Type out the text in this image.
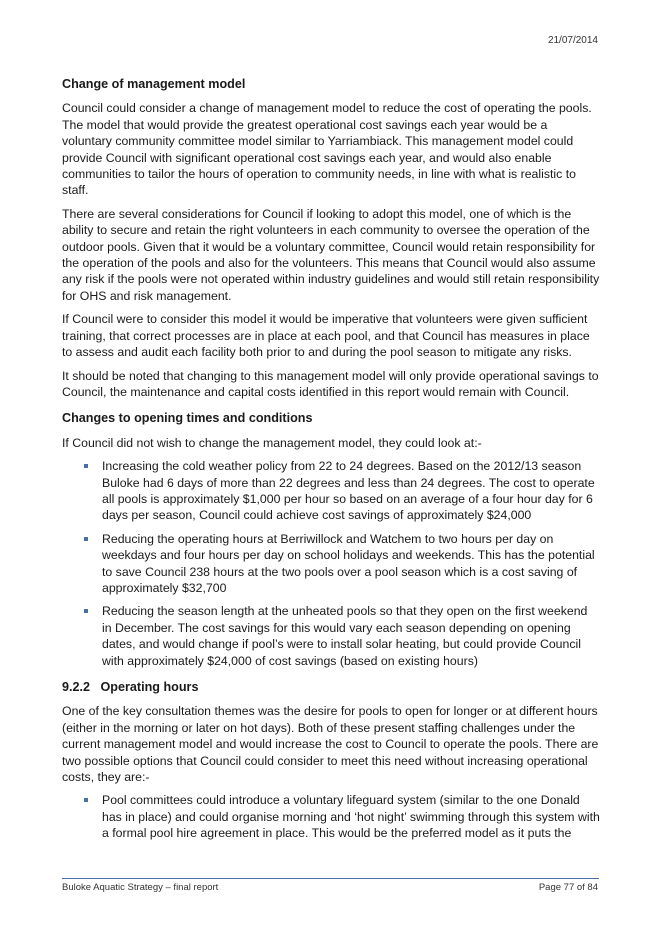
21/07/2014
Change of management model

Council could consider a change of management model to reduce the cost of operating the pools. The model that would provide the greatest operational cost savings each year would be a voluntary community committee model similar to Yarriambiack. This management model could provide Council with significant operational cost savings each year, and would also enable communities to tailor the hours of operation to community needs, in line with what is realistic to staff.

There are several considerations for Council if looking to adopt this model, one of which is the ability to secure and retain the right volunteers in each community to oversee the operation of the outdoor pools. Given that it would be a voluntary committee, Council would retain responsibility for the operation of the pools and also for the volunteers. This means that Council would also assume any risk if the pools were not operated within industry guidelines and would still retain responsibility for OHS and risk management.

If Council were to consider this model it would be imperative that volunteers were given sufficient training, that correct processes are in place at each pool, and that Council has measures in place to assess and audit each facility both prior to and during the pool season to mitigate any risks.

It should be noted that changing to this management model will only provide operational savings to Council, the maintenance and capital costs identified in this report would remain with Council.

Changes to opening times and conditions

If Council did not wish to change the management model, they could look at:-

Increasing the cold weather policy from 22 to 24 degrees. Based on the 2012/13 season Buloke had 6 days of more than 22 degrees and less than 24 degrees. The cost to operate all pools is approximately $1,000 per hour so based on an average of a four hour day for 6 days per season, Council could achieve cost savings of approximately $24,000
Reducing the operating hours at Berriwillock and Watchem to two hours per day on weekdays and four hours per day on school holidays and weekends. This has the potential to save Council 238 hours at the two pools over a pool season which is a cost saving of approximately $32,700
Reducing the season length at the unheated pools so that they open on the first weekend in December. The cost savings for this would vary each season depending on opening dates, and would change if pool’s were to install solar heating, but could provide Council with approximately $24,000 of cost savings (based on existing hours)
9.2.2   Operating hours

One of the key consultation themes was the desire for pools to open for longer or at different hours (either in the morning or later on hot days). Both of these present staffing challenges under the current management model and would increase the cost to Council to operate the pools. There are two possible options that Council could consider to meet this need without increasing operational costs, they are:-

Pool committees could introduce a voluntary lifeguard system (similar to the one Donald has in place) and could organise morning and ‘hot night’ swimming through this system with a formal pool hire agreement in place. This would be the preferred model as it puts the
Buloke Aquatic Strategy – final report	Page 77 of 84
